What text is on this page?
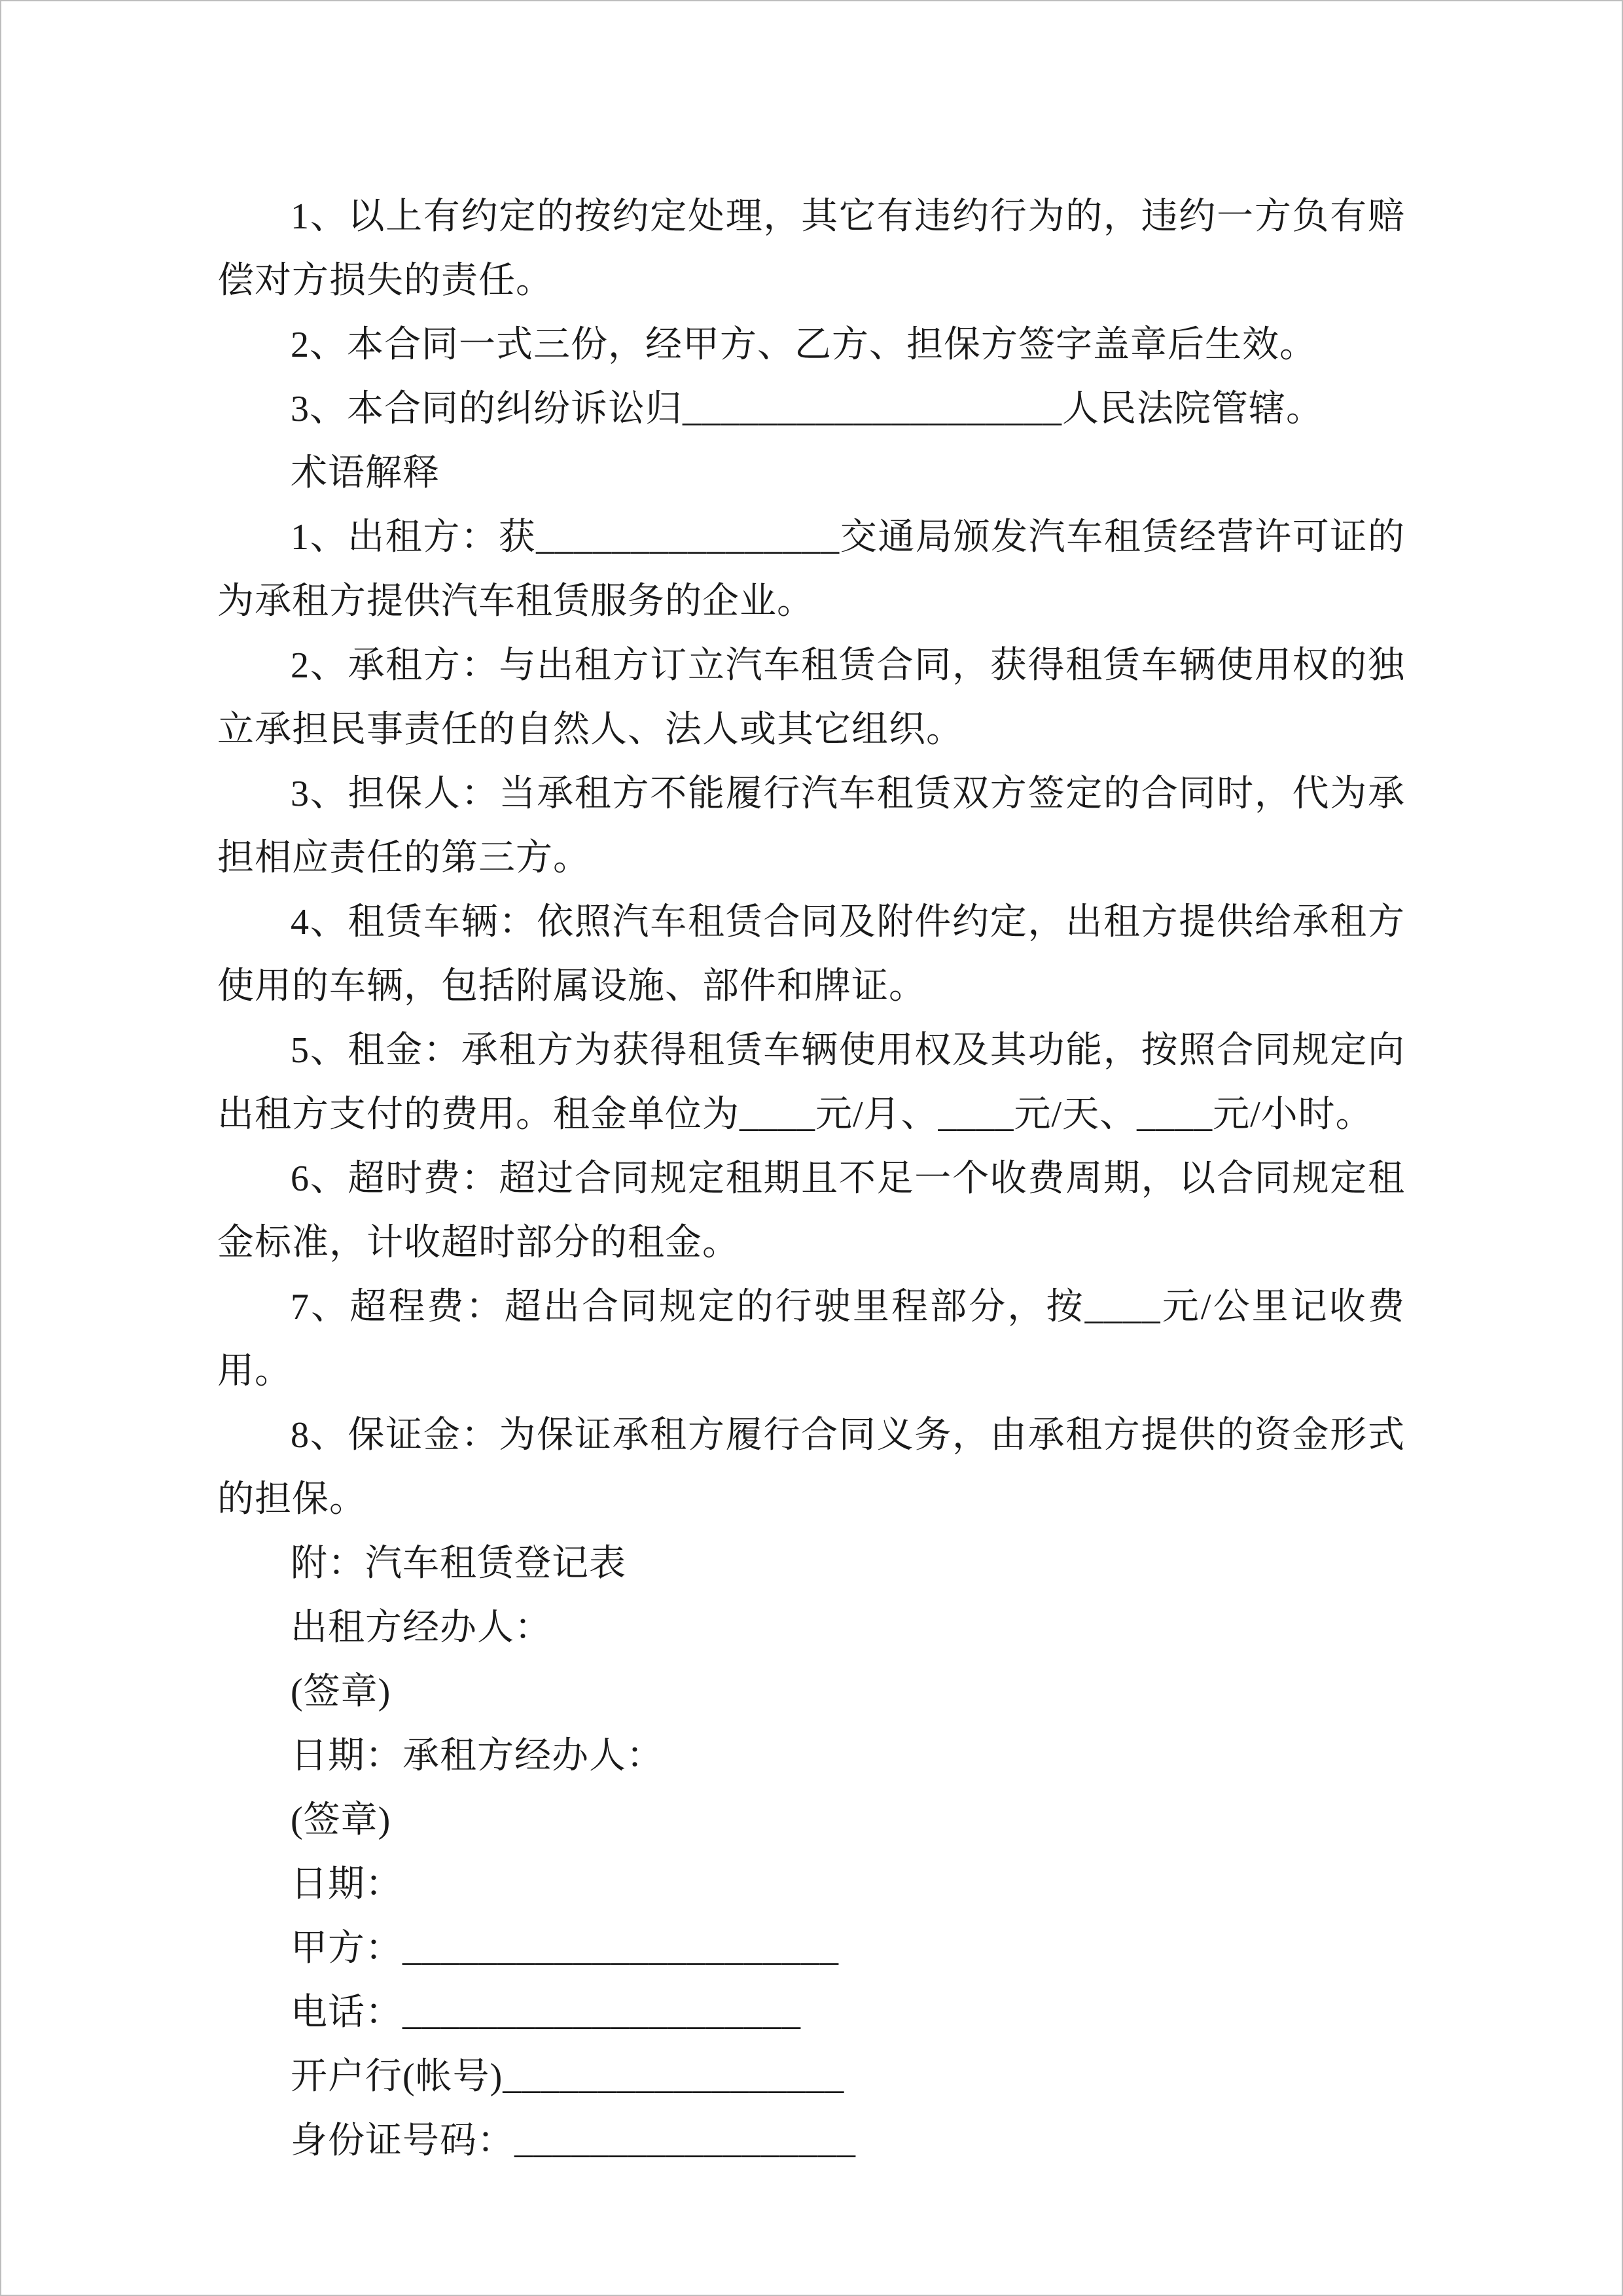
1、以上有约定的按约定处理，其它有违约行为的，违约一方负有赔偿对方损失的责任。

2、本合同一式三份，经甲方、乙方、担保方签字盖章后生效。

3、本合同的纠纷诉讼归____________________人民法院管辖。

术语解释

1、出租方：获________________交通局颁发汽车租赁经营许可证的为承租方提供汽车租赁服务的企业。

2、承租方：与出租方订立汽车租赁合同，获得租赁车辆使用权的独立承担民事责任的自然人、法人或其它组织。

3、担保人：当承租方不能履行汽车租赁双方签定的合同时，代为承担相应责任的第三方。

4、租赁车辆：依照汽车租赁合同及附件约定，出租方提供给承租方使用的车辆，包括附属设施、部件和牌证。

5、租金：承租方为获得租赁车辆使用权及其功能，按照合同规定向出租方支付的费用。租金单位为____元/月、____元/天、____元/小时。

6、超时费：超过合同规定租期且不足一个收费周期，以合同规定租金标准，计收超时部分的租金。

7、超程费：超出合同规定的行驶里程部分，按____元/公里记收费用。

8、保证金：为保证承租方履行合同义务，由承租方提供的资金形式的担保。

附：汽车租赁登记表

出租方经办人：

(签章)

日期：承租方经办人：

(签章)

日期：

甲方：_______________________

电话：_____________________

开户行(帐号)__________________

身份证号码：__________________
